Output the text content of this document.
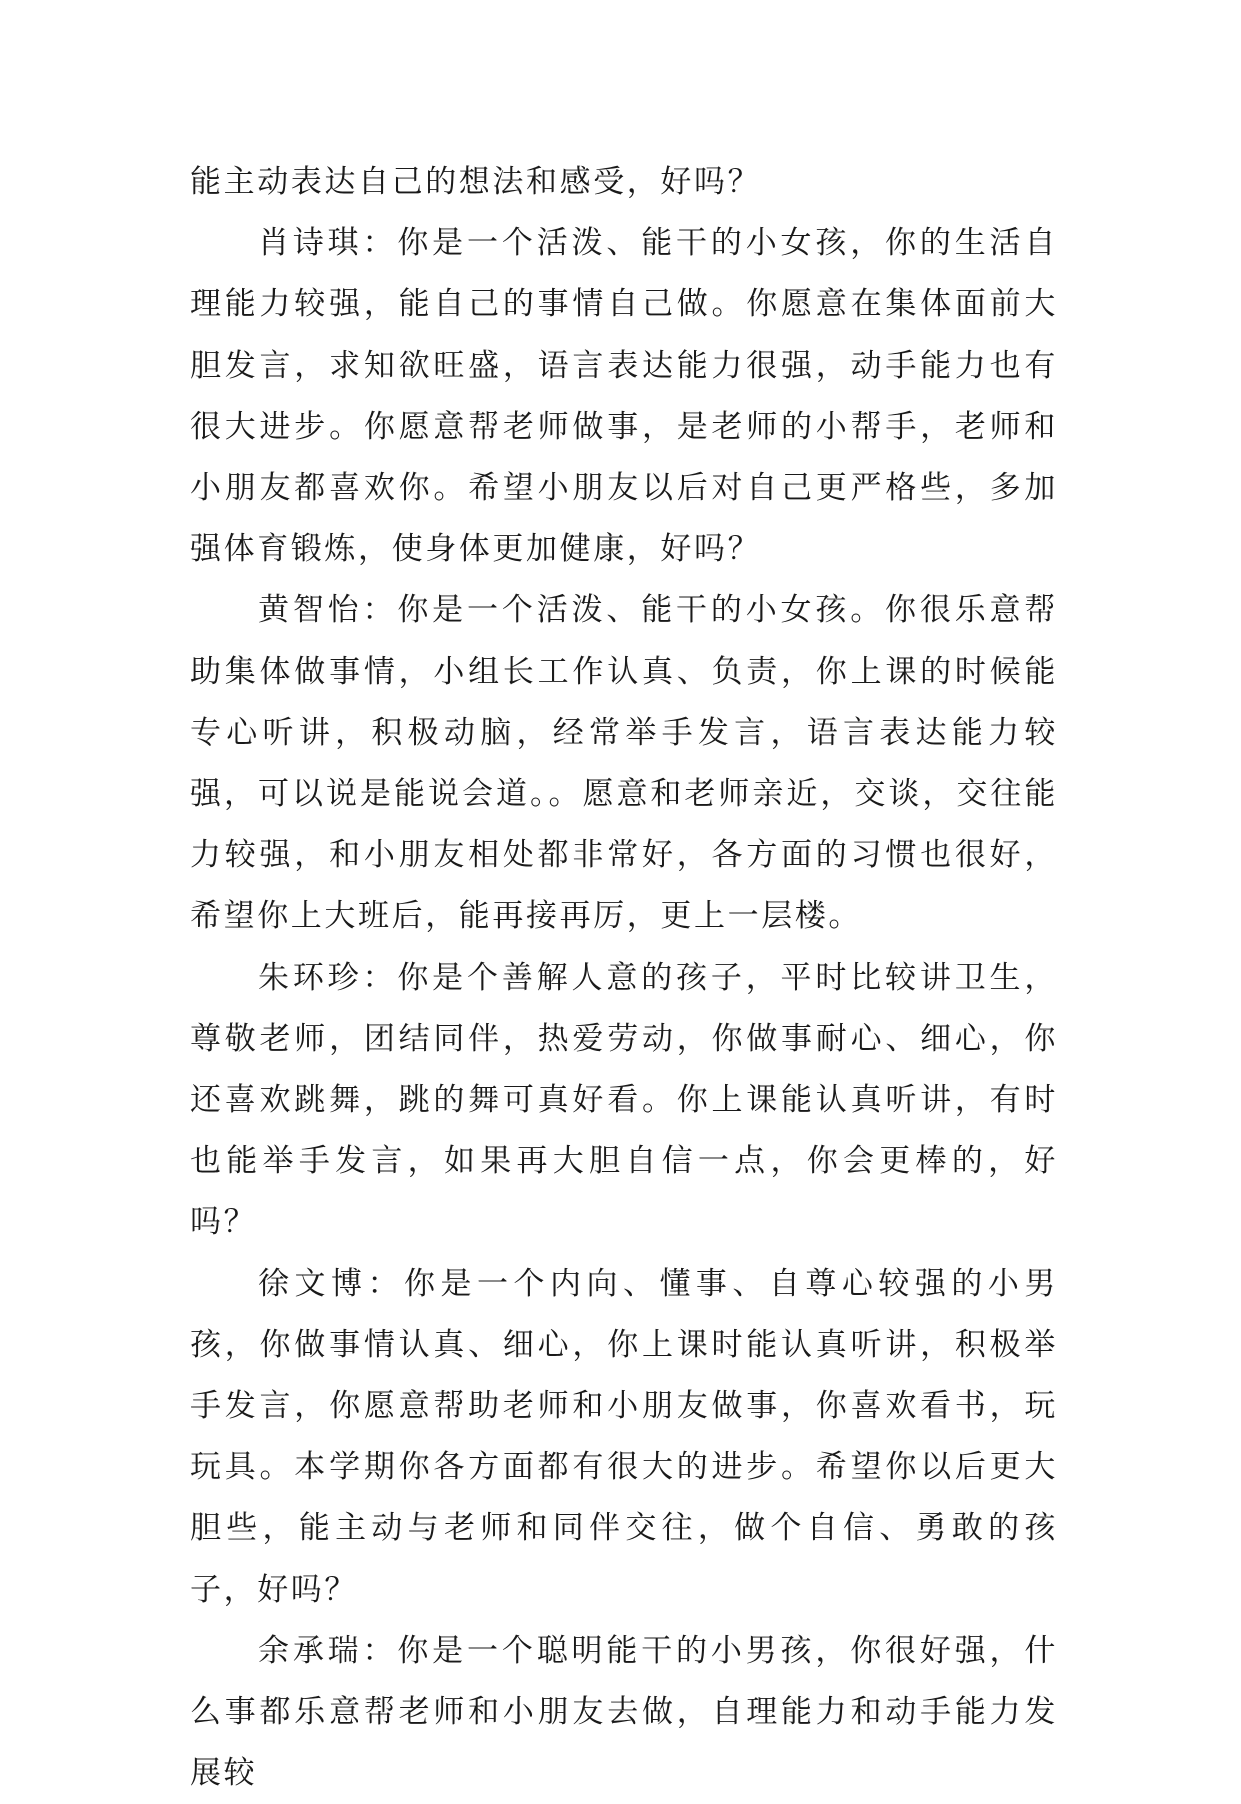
能主动表达自己的想法和感受，好吗？

肖诗琪：你是一个活泼、能干的小女孩，你的生活自理能力较强，能自己的事情自己做。你愿意在集体面前大胆发言，求知欲旺盛，语言表达能力很强，动手能力也有很大进步。你愿意帮老师做事，是老师的小帮手，老师和小朋友都喜欢你。希望小朋友以后对自己更严格些，多加强体育锻炼，使身体更加健康，好吗？

黄智怡：你是一个活泼、能干的小女孩。你很乐意帮助集体做事情，小组长工作认真、负责，你上课的时候能专心听讲，积极动脑，经常举手发言，语言表达能力较强，可以说是能说会道。。愿意和老师亲近，交谈，交往能力较强，和小朋友相处都非常好，各方面的习惯也很好，希望你上大班后，能再接再厉，更上一层楼。

朱环珍：你是个善解人意的孩子，平时比较讲卫生，尊敬老师，团结同伴，热爱劳动，你做事耐心、细心，你还喜欢跳舞，跳的舞可真好看。你上课能认真听讲，有时也能举手发言，如果再大胆自信一点，你会更棒的，好吗？

徐文博：你是一个内向、懂事、自尊心较强的小男孩，你做事情认真、细心，你上课时能认真听讲，积极举手发言，你愿意帮助老师和小朋友做事，你喜欢看书，玩玩具。本学期你各方面都有很大的进步。希望你以后更大胆些，能主动与老师和同伴交往，做个自信、勇敢的孩子，好吗？

余承瑞：你是一个聪明能干的小男孩，你很好强，什么事都乐意帮老师和小朋友去做，自理能力和动手能力发展较
